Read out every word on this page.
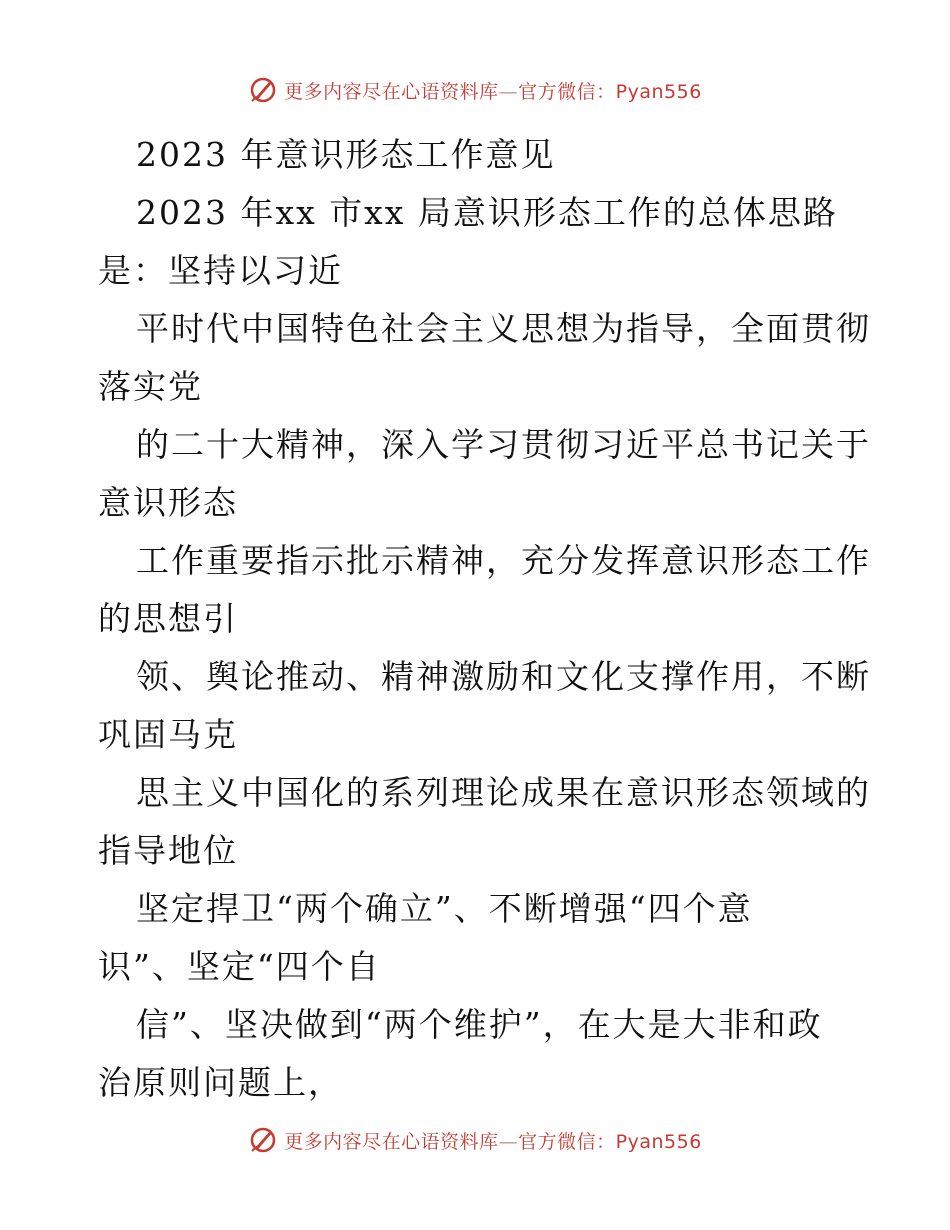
更多内容尽在心语资料库—官方微信：Pyan556
2023 年意识形态工作意见
2023 年xx 市xx 局意识形态工作的总体思路
是：坚持以习近
平时代中国特色社会主义思想为指导，全面贯彻
落实党
的二十大精神，深入学习贯彻习近平总书记关于
意识形态
工作重要指示批示精神，充分发挥意识形态工作
的思想引
领、舆论推动、精神激励和文化支撑作用，不断
巩固马克
思主义中国化的系列理论成果在意识形态领域的
指导地位
坚定捍卫“两个确立”、不断增强“四个意
识”、坚定“四个自
信”、坚决做到“两个维护”，在大是大非和政
治原则问题上，
更多内容尽在心语资料库—官方微信：Pyan556
